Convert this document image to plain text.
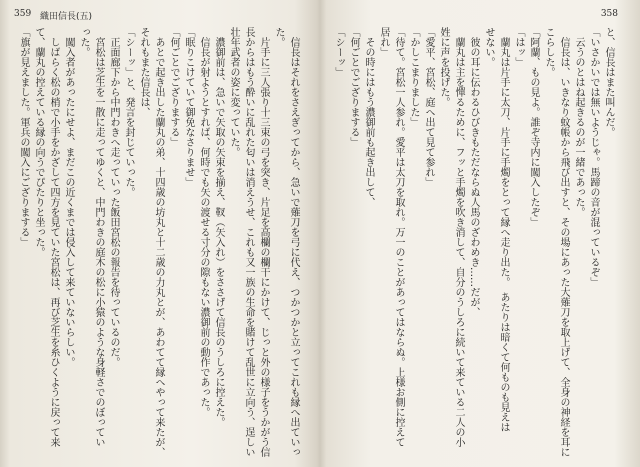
359 織田信長(五)
　信長はそれをさえぎってから、急いで薙刀を弓に代え、つかつかと立ってこれも縁へ出ていっ
た。
　片手に三人張り十三束の弓を突き、片足を高欄の欄干にかけて、じっと外の様子をうかがう信
長からはもう酔いに乱れた匂いは消えうせ、これも又一族の生命を賭けて乱世に立向う、逞しい
壮年武者の姿に変っていた。
　濃御前は、急いで矢取の矢束を揃え、靫（矢入れ）をささげて信長のうしろに控えた。
　信長が射ようとすれば、何時でも矢の渡せる寸分の隙もない濃御前の動作であった。
「眠りこけていて御免なさりませ」
「何ごとでござりまする」
　あとで起き出した蘭丸の弟、十四歳の坊丸と十二歳の力丸とが、あわてて縁へやって来たが、
それもまた信長は、
「シーッ」と、発言を封じていった。
　正面廊下から中門わきへ走っていった飯田宮松の報告を待っているのだ。
　宮松は芝生を一散に走ってゆくと、中門わきの庭木の松に小猿のような身軽さでのぼってい
った。
　闖入者があったにせよ、まだこの近くまでは侵入して来ていないらしい。
　しばらく松の梢で小手をかざして四方を見ていた宮松は、再び芝生を糸ひくように戻って来
て、蘭丸の控えている縁の向うでぴたりと坐った。
「旗が見えました。軍兵の闖入にござりまする」
358
と、信長はまた叫んだ。
「いさかいでは無いようじゃ。馬蹄の音が混っているぞ」
　云うのとはね起きるのが一緒であった。
　信長は、いきなり蚊帳から飛び出すと、その場にあった大薙刀を取上げて、全身の神経を耳に
こらした。
「阿蘭、もの見よ。誰ぞ寺内に闖入したぞ」
「はッ」
　蘭丸は片手に太刀、片手に手燭をとって縁へ走り出た。　あたりは暗くて何ものも見えは
せない。
　彼の耳に伝わるひびきもただならぬ人馬のざわめき……だが、
　蘭丸は主を憚るために、フッと手燭を吹き消して、自分のうしろに続いて来ている二人の小
姓に声を投げた。
「愛平、宮松、庭へ出て見て参れ」
「かしこまりました」
「待て。宮松一人参れ。愛平は太刀を取れ。万一のことがあってはならぬ。上様お側に控えて
居れ」
　その時にはもう濃御前も起き出して、
「何ごとでござりまする」
「シーッ」
